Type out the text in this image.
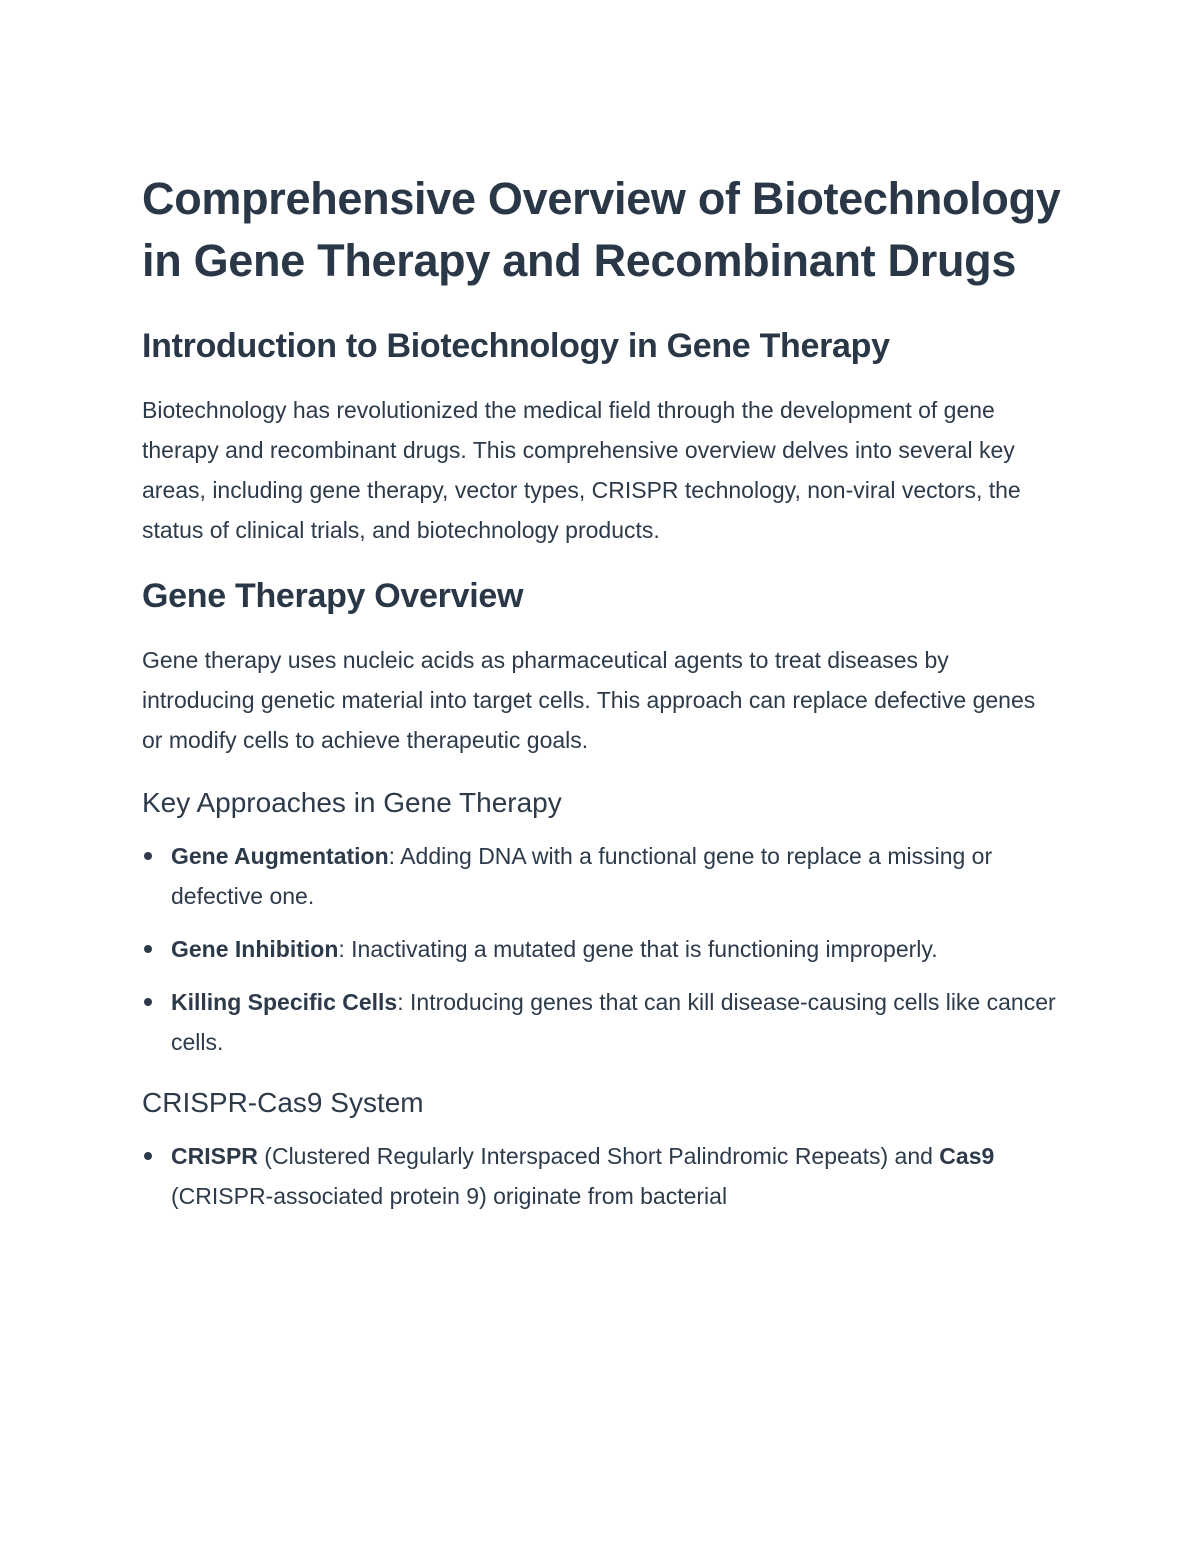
Comprehensive Overview of Biotechnology in Gene Therapy and Recombinant Drugs
Introduction to Biotechnology in Gene Therapy

Biotechnology has revolutionized the medical field through the development of gene therapy and recombinant drugs. This comprehensive overview delves into several key areas, including gene therapy, vector types, CRISPR technology, non-viral vectors, the status of clinical trials, and biotechnology products.

Gene Therapy Overview

Gene therapy uses nucleic acids as pharmaceutical agents to treat diseases by introducing genetic material into target cells. This approach can replace defective genes or modify cells to achieve therapeutic goals.

Key Approaches in Gene Therapy
Gene Augmentation: Adding DNA with a functional gene to replace a missing or defective one.
Gene Inhibition: Inactivating a mutated gene that is functioning improperly.
Killing Specific Cells: Introducing genes that can kill disease-causing cells like cancer cells.
CRISPR-Cas9 System
CRISPR (Clustered Regularly Interspaced Short Palindromic Repeats) and Cas9 (CRISPR-associated protein 9) originate from bacterial
